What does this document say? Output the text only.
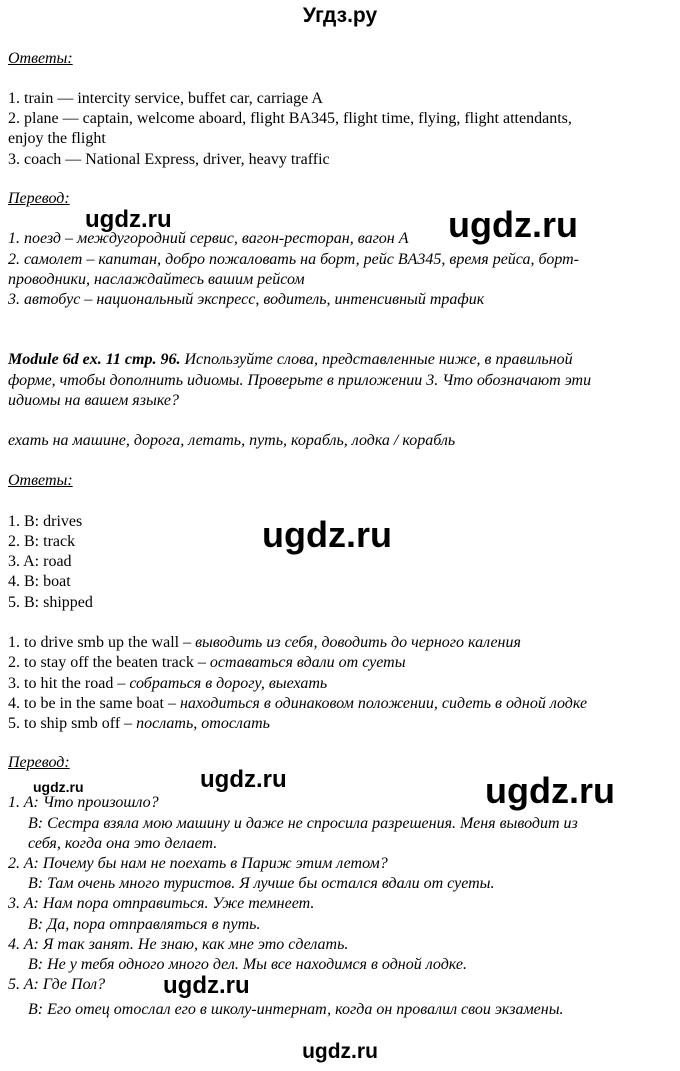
Угдз.ру
Ответы:
1. train — intercity service, buffet car, carriage A
2. plane — captain, welcome aboard, flight BA345, flight time, flying, flight attendants,
enjoy the flight
3. coach — National Express, driver, heavy traffic
Перевод:
1. поезд – междугородний сервис, вагон-ресторан, вагон А
2. самолет – капитан, добро пожаловать на борт, рейс BA345, время рейса, борт-
проводники, наслаждайтесь вашим рейсом
3. автобус – национальный экспресс, водитель, интенсивный трафик
Module 6d ex. 11 стр. 96. Используйте слова, представленные ниже, в правильной
форме, чтобы дополнить идиомы. Проверьте в приложении 3. Что обозначают эти
идиомы на вашем языке?
ехать на машине, дорога, летать, путь, корабль, лодка / корабль
Ответы:
1. B: drives
2. B: track
3. A: road
4. B: boat
5. B: shipped
1. to drive smb up the wall – выводить из себя, доводить до черного каления
2. to stay off the beaten track – оставаться вдали от суеты
3. to hit the road – собраться в дорогу, выехать
4. to be in the same boat – находиться в одинаковом положении, сидеть в одной лодке
5. to ship smb off – послать, отослать
Перевод:
1. A: Что произошло?
B: Сестра взяла мою машину и даже не спросила разрешения. Меня выводит из
себя, когда она это делает.
2. A: Почему бы нам не поехать в Париж этим летом?
B: Там очень много туристов. Я лучше бы остался вдали от суеты.
3. A: Нам пора отправиться. Уже темнеет.
B: Да, пора отправляться в путь.
4. A: Я так занят. Не знаю, как мне это сделать.
B: Не у тебя одного много дел. Мы все находимся в одной лодке.
5. A: Где Пол?
B: Его отец отослал его в школу-интернат, когда он провалил свои экзамены.
ugdz.ru	ugdz.ru
ugdz.ru
ugdz.ru	ugdz.ru	ugdz.ru
ugdz.ru
ugdz.ru
